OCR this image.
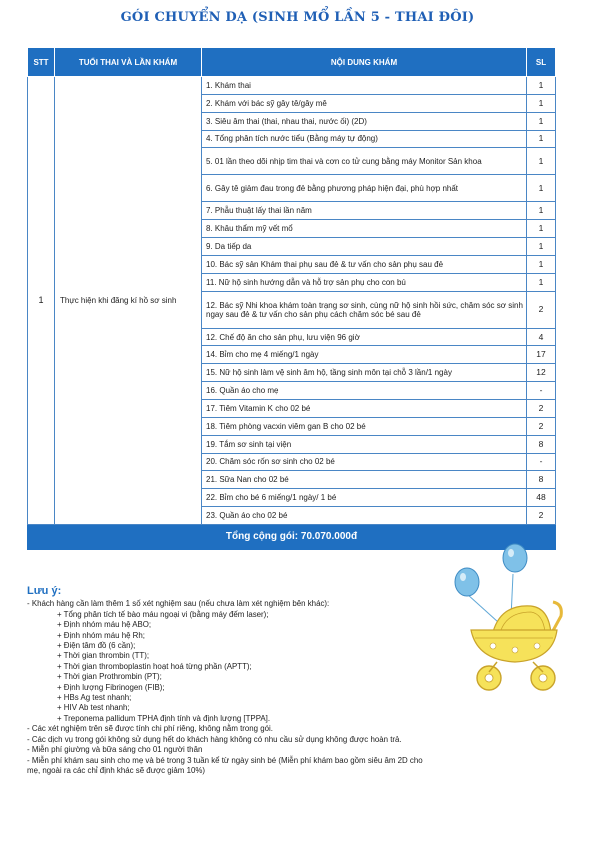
GÓI CHUYỂN DẠ (SINH MỔ LẦN 5 - THAI ĐÔI)
STT	TUỔI THAI VÀ LẦN KHÁM	NỘI DUNG KHÁM	SL
1	Thực hiện khi đăng kí hồ sơ sinh	1. Khám thai	1
		2. Khám với bác sỹ gây tê/gây mê	1
		3. Siêu âm thai (thai, nhau thai, nước ối) (2D)	1
		4. Tổng phân tích nước tiểu (Bằng máy tự động)	1
		5. 01 lần theo dõi nhịp tim thai và cơn co tử cung bằng máy Monitor Sản khoa	1
		6. Gây tê giảm đau trong đẻ bằng phương pháp hiện đại, phù hợp nhất	1
		7. Phẫu thuật lấy thai lần năm	1
		8. Khâu thẩm mỹ vết mổ	1
		9. Da tiếp da	1
		10. Bác sỹ sản Khám thai phụ sau đẻ & tư vấn cho sản phụ sau đẻ	1
		11. Nữ hộ sinh hướng dẫn và hỗ trợ sản phụ cho con bú	1
		12. Bác sỹ Nhi khoa khám toàn trạng sơ sinh, cùng nữ hộ sinh hồi sức, chăm sóc sơ sinh ngay sau đẻ & tư vấn cho sản phụ cách chăm sóc bé sau đẻ	2
		12. Chế độ ăn cho sản phụ, lưu viện 96 giờ	4
		14. Bỉm cho mẹ 4 miếng/1 ngày	17
		15. Nữ hộ sinh làm vệ sinh âm hộ, tầng sinh môn tại chỗ 3 lần/1 ngày	12
		16. Quần áo cho mẹ	-
		17. Tiêm Vitamin K cho 02 bé	2
		18. Tiêm phòng vacxin viêm gan B cho 02 bé	2
		19. Tắm sơ sinh tại viện	8
		20. Chăm sóc rốn sơ sinh cho 02 bé	-
		21. Sữa Nan cho 02 bé	8
		22. Bỉm cho bé 6 miếng/1 ngày/ 1 bé	48
		23. Quần áo cho 02 bé	2
Tổng cộng gói: 70.070.000đ			
Lưu ý:
- Khách hàng cần làm thêm 1 số xét nghiệm sau (nếu chưa làm xét nghiệm bên khác):
+ Tổng phân tích tế bào máu ngoại vi (bằng máy đếm laser);
+ Định nhóm máu hệ ABO;
+ Định nhóm máu hệ Rh;
+ Điện tâm đồ (6 cần);
+ Thời gian thrombin (TT);
+ Thời gian thromboplastin hoạt hoá từng phần (APTT);
+ Thời gian Prothrombin (PT);
+ Định lượng Fibrinogen (FIB);
+ HBs Ag test nhanh;
+ HIV Ab test nhanh;
+ Treponema pallidum TPHA định tính và định lượng [TPPA].
- Các xét nghiệm trên sẽ được tính chi phí riêng, không nằm trong gói.
- Các dịch vụ trong gói không sử dụng hết do khách hàng không có nhu cầu sử dụng không được hoàn trả.
- Miễn phí giường và bữa sáng cho 01 người thân
- Miễn phí khám sau sinh cho mẹ và bé trong 3 tuần kể từ ngày sinh bé (Miễn phí khám bao gồm siêu âm 2D cho mẹ, ngoài ra các chỉ định khác sẽ được giảm 10%)
